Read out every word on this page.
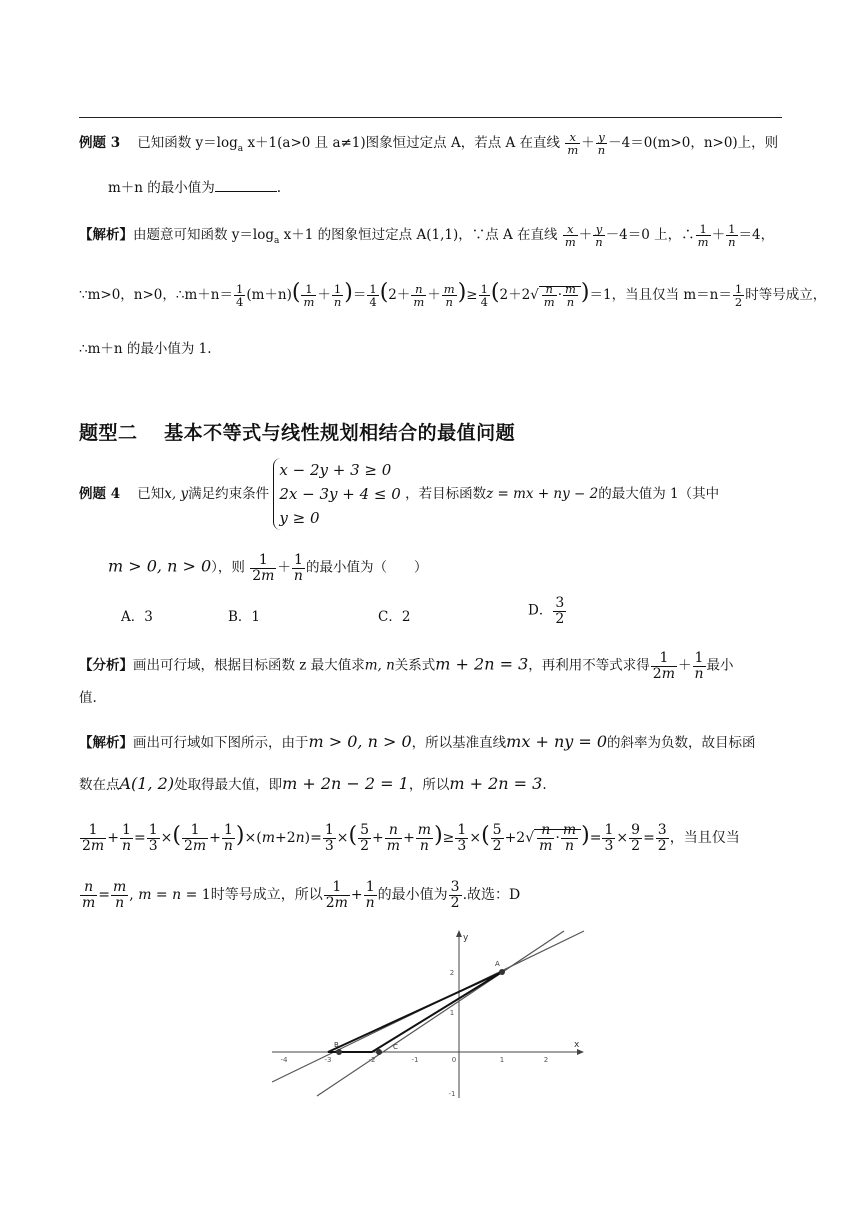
例题 3 已知函数 $y=\log_a$ x＋1(a>0 且 a≠1)图象恒过定点 A，若点 A 在直线 $\frac{x}{m} + \frac{y}{n} -4=0(m>0$，n>0)上，则
m＋n 的最小值为	.
【解析】由题意可知函数 $y=\log_a$ x＋1 的图象恒过定点 A(1,1)，∵点 A 在直线 $\frac{x}{m} + \frac{y}{n} -4=0$ 上，∴ $\frac{1}{m} + \frac{1}{n} =4$，
∵m>0，n>0，∴m＋n＝ $\frac{1}{4} (m+n)( \frac{1}{m} + \frac{1}{n}$ )＝ $\frac{1}{4} (2+ \frac{n}{m} + \frac{m}{n}$ )≥ $\frac{1}{4} (2+2√ \frac{n}{m} \cdot \frac{m}{n} )=1$，当且仅当 $m=n= \frac{1}{2}$ 时等号成立，
∴m＋n 的最小值为 1.
题型二　 基本不等式与线性规划相结合的最值问题
例题 4 已知x, y满足约束条件
x − 2y + 3 ≥ 0
2x − 3y + 4 ≤ 0
y ≥ 0
，若目标函数z = mx + ny − 2的最大值为 1（其中
m > 0, n > 0），则 $\frac{1}{2m} + \frac{1}{n}$ 的最小值为（　　）
A．3	B．1	C．2	D． $\frac{3}{2}$
【分析】画出可行域，根据目标函数 z 最大值求m, n关系式m + 2n = 3，再利用不等式求得 $\frac{1}{2m} + \frac{1}{n}$ 最小
值.
【解析】画出可行域如下图所示，由于m > 0, n > 0，所以基准直线mx + ny = 0的斜率为负数，故目标函
数在点A(1, 2)处取得最大值，即m + 2n − 2 = 1，所以m + 2n = 3.
$\frac{1}{2m} + \frac{1}{n} = \frac{1}{3}$ ×( $\frac{1}{2m} + \frac{1}{n} )\times(m+2n)= \frac{1}{3}$ ×( $\frac{5}{2} + \frac{n}{m} + \frac{m}{n}$ )≥ $\frac{1}{3}$ ×( $\frac{5}{2} +2√ \frac{n}{m} \cdot \frac{m}{n}$ )= $\frac{1}{3} \times \frac{9}{2} = \frac{3}{2}$ ，当且仅当
$\frac{n}{m} = \frac{m}{n}$ , m = n = 1时等号成立，所以 $\frac{1}{2m} + \frac{1}{n}$ 的最小值为 $\frac{3}{2}$ .故选：D
x
y
-4	-3	-2	-1	0	1	2
2
1
-1
A
B	C
